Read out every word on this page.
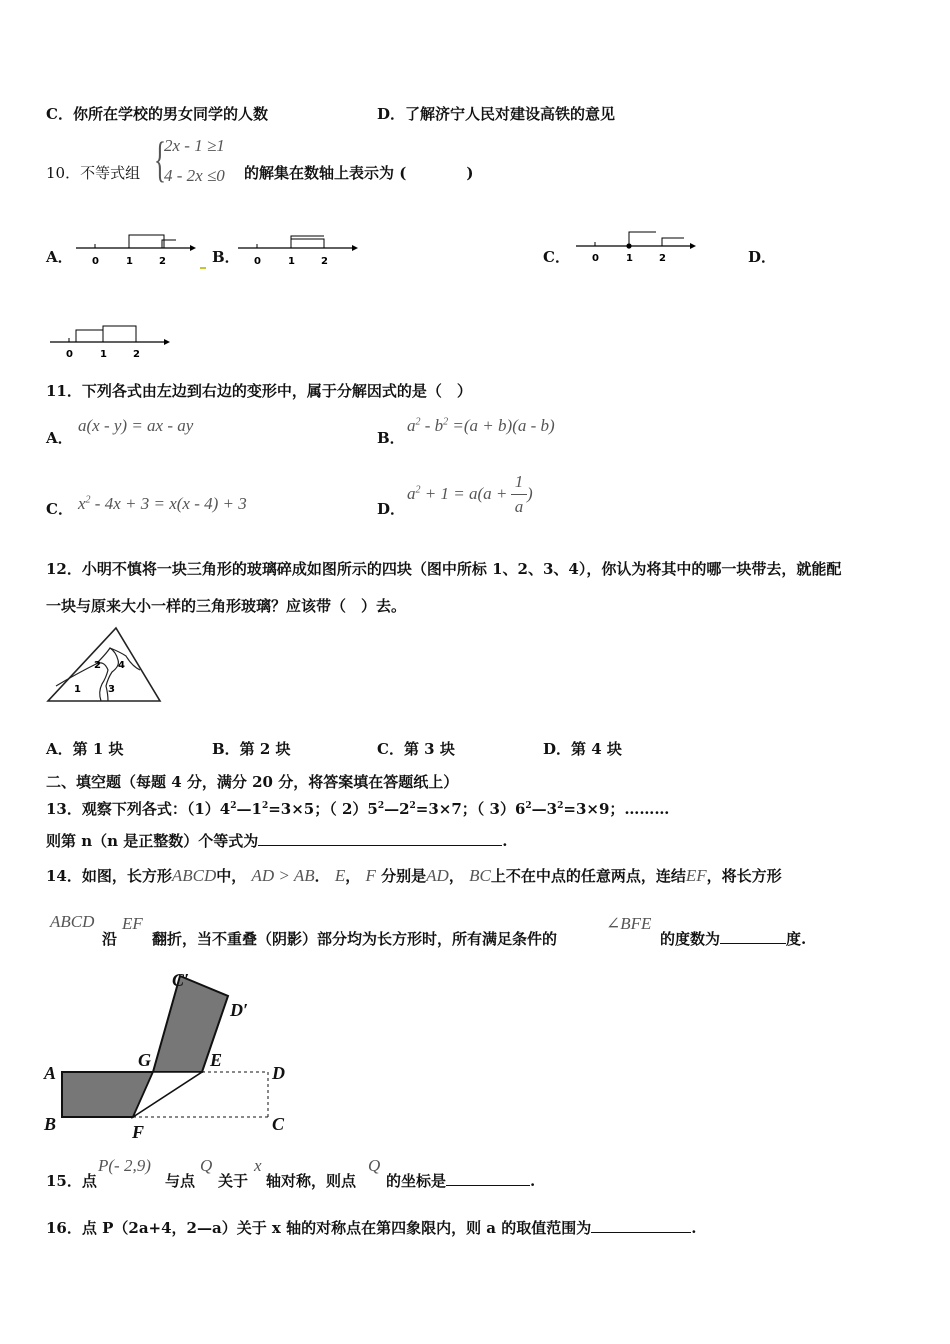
C．你所在学校的男女同学的人数	D．了解济宁人民对建设高铁的意见
10．不等式组 {
2x - 1 ≥1
4 - 2x ≤0 的解集在数轴上表示为 (	)
A．	B．	C．	D．
0	1	2	0	1	2	0	1	2
0	1	2
11．下列各式由左边到右边的变形中，属于分解因式的是（　）
A．
a(x - y) = ax - ay
B．
$a^2 - b^2 =(a + b)(a - b)$
C． $x^2 - 4x + 3 = x(x - 4) + 3$	D．
$a^2 + 1 = a(a$ +
1
a
)
12．小明不慎将一块三角形的玻璃碎成如图所示的四块（图中所标 1、2、3、4），你认为将其中的哪一块带去，就能配
一块与原来大小一样的三角形玻璃？应该带（　）去。
1
2
3
4
A．第 1 块	B．第 2 块	C．第 3 块	D．第 4 块
二、填空题（每题 4 分，满分 20 分，将答案填在答题纸上）
13．观察下列各式：$(1)4^2—1^2=3\times 5$；（ $2)5^2—2^2=3\times 7$；（ $3)6^2—3^2=3\times 9$；………
则第 n（n 是正整数）个等式为	.
14．如图，长方形ABCD中， AD > AB． E， F 分别是AD， BC上不在中点的任意两点，连结EF，将长方形
ABCD EF	∠BFE
沿 翻折，当不重叠（阴影）部分均为长方形时，所有满足条件的	的度数为	度.
A
B	C
D
E
F
G
C′
D′
15．点
P(- 2,9)
与点
Q
关于
x
轴对称，则点
Q
的坐标是	.
16．点 P（2a+4，2—a）关于 x 轴的对称点在第四象限内，则 a 的取值范围为	.
